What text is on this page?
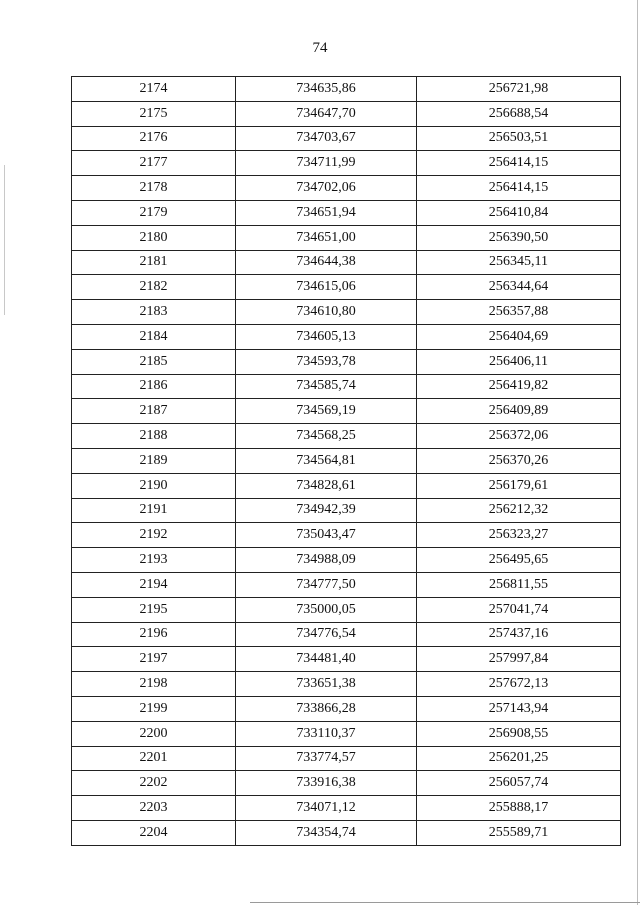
74
2174	734635,86	256721,98
2175	734647,70	256688,54
2176	734703,67	256503,51
2177	734711,99	256414,15
2178	734702,06	256414,15
2179	734651,94	256410,84
2180	734651,00	256390,50
2181	734644,38	256345,11
2182	734615,06	256344,64
2183	734610,80	256357,88
2184	734605,13	256404,69
2185	734593,78	256406,11
2186	734585,74	256419,82
2187	734569,19	256409,89
2188	734568,25	256372,06
2189	734564,81	256370,26
2190	734828,61	256179,61
2191	734942,39	256212,32
2192	735043,47	256323,27
2193	734988,09	256495,65
2194	734777,50	256811,55
2195	735000,05	257041,74
2196	734776,54	257437,16
2197	734481,40	257997,84
2198	733651,38	257672,13
2199	733866,28	257143,94
2200	733110,37	256908,55
2201	733774,57	256201,25
2202	733916,38	256057,74
2203	734071,12	255888,17
2204	734354,74	255589,71
